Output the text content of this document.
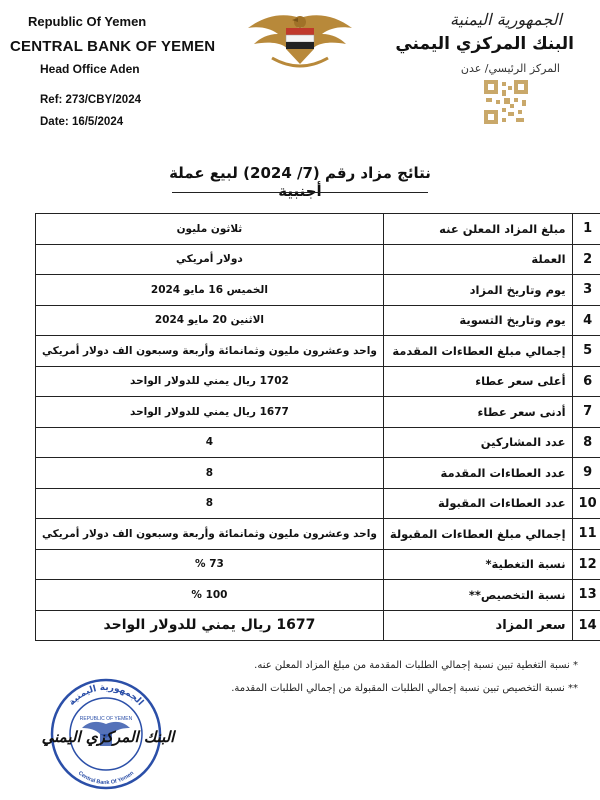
Republic Of Yemen
CENTRAL BANK OF YEMEN
Head Office Aden
Ref: 273/CBY/2024
Date: 16/5/2024
الجمهورية اليمنية
البنك المركزي اليمني
المركز الرئيسي/ عدن
نتائج مزاد رقم (7/ 2024) لبيع عملة أجنبية
1	مبلغ المزاد المعلن عنه	ثلاثون مليون
2	العملة	دولار أمريكي
3	يوم وتاريخ المزاد	الخميس 16 مايو 2024
4	يوم وتاريخ التسوية	الاثنين 20 مايو 2024
5	إجمالي مبلغ العطاءات المقدمة	واحد وعشرون مليون وثمانمائة وأربعة وسبعون الف دولار أمريكي
6	أعلى سعر عطاء	1702 ريال يمني للدولار الواحد
7	أدنى سعر عطاء	1677 ريال يمني للدولار الواحد
8	عدد المشاركين	4
9	عدد العطاءات المقدمة	8
10	عدد العطاءات المقبولة	8
11	إجمالي مبلغ العطاءات المقبولة	واحد وعشرون مليون وثمانمائة وأربعة وسبعون الف دولار أمريكي
12	نسبة التغطية*	73 %
13	نسبة التخصيص**	100 %
14	سعر المزاد	1677 ريال يمني للدولار الواحد
* نسبة التغطية تبين نسبة إجمالي الطلبات المقدمة من مبلغ المزاد المعلن عنه.
** نسبة التخصيص تبين نسبة إجمالي الطلبات المقبولة من إجمالي الطلبات المقدمة.
الجمهورية اليمنية
Central Bank Of Yemen
REPUBLIC OF YEMEN
البنك المركزي اليمني
